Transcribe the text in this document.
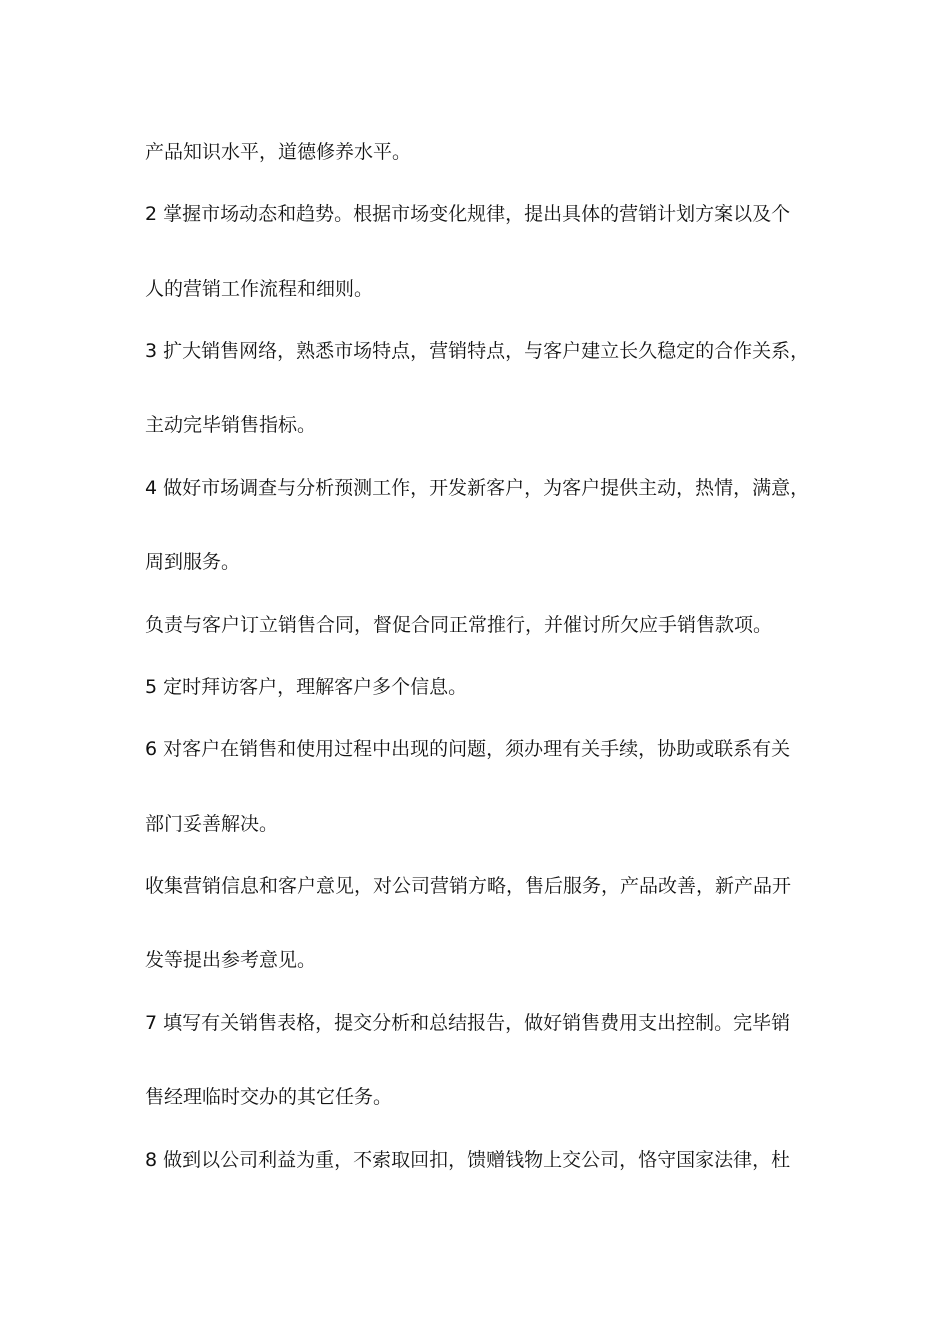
产品知识水平，道德修养水平。
2 掌握市场动态和趋势。根据市场变化规律，提出具体的营销计划方案以及个
人的营销工作流程和细则。
3 扩大销售网络，熟悉市场特点，营销特点，与客户建立长久稳定的合作关系，
主动完毕销售指标。
4 做好市场调查与分析预测工作，开发新客户，为客户提供主动，热情，满意，
周到服务。
负责与客户订立销售合同，督促合同正常推行，并催讨所欠应手销售款项。
5 定时拜访客户，理解客户多个信息。
6 对客户在销售和使用过程中出现的问题，须办理有关手续，协助或联系有关
部门妥善解决。
收集营销信息和客户意见，对公司营销方略，售后服务，产品改善，新产品开
发等提出参考意见。
7 填写有关销售表格，提交分析和总结报告，做好销售费用支出控制。完毕销
售经理临时交办的其它任务。
8 做到以公司利益为重，不索取回扣，馈赠钱物上交公司，恪守国家法律，杜
